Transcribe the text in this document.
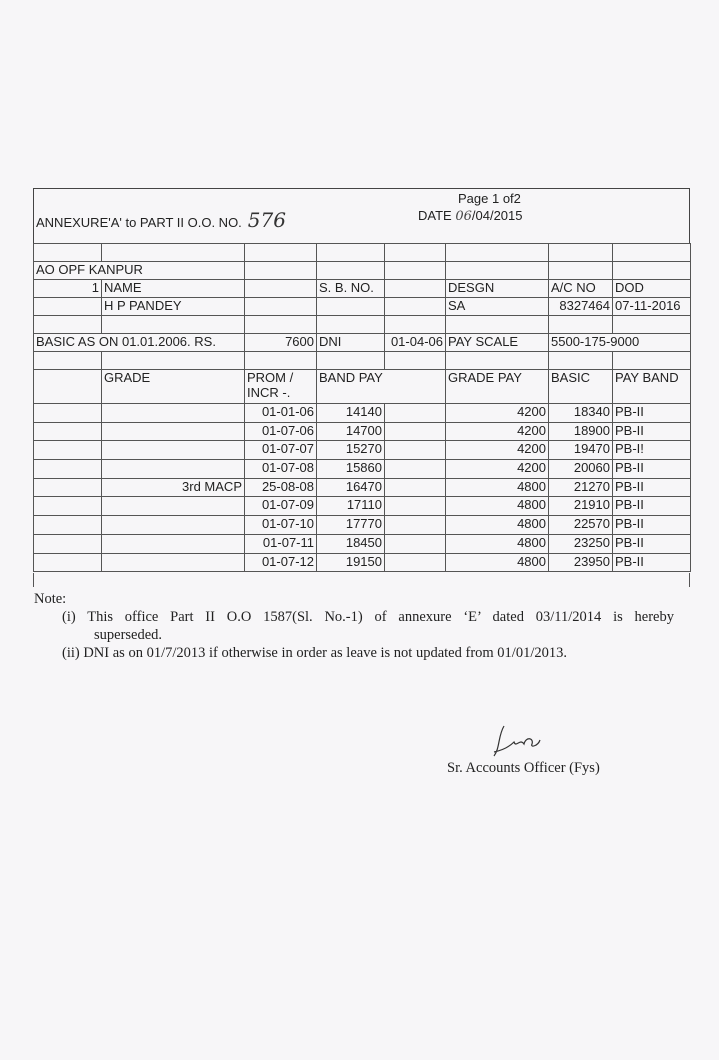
ANNEXURE'A' to PART II O.O. NO. 576
Page 1 of2
DATE 06/04/2015

AO OPF KANPUR							
1	NAME		S. B. NO.		DESGN	A/C NO	DOD
	H P PANDEY				SA	8327464	07-11-2016

BASIC AS ON 01.01.2006. RS.		7600	DNI	01-04-06	PAY SCALE	5500-175-9000	

	GRADE	PROM / INCR -.	BAND PAY		GRADE PAY	BASIC	PAY BAND
		01-01-06	14140		4200	18340	PB-II
		01-07-06	14700		4200	18900	PB-II
		01-07-07	15270		4200	19470	PB-I!
		01-07-08	15860		4200	20060	PB-II
	3rd MACP	25-08-08	16470		4800	21270	PB-II
		01-07-09	17110		4800	21910	PB-II
		01-07-10	17770		4800	22570	PB-II
		01-07-11	18450		4800	23250	PB-II
		01-07-12	19150		4800	23950	PB-II

Note:

(i) This office Part II O.O 1587(Sl. No.-1) of annexure ‘E’ dated 03/11/2014 is hereby

superseded.

(ii) DNI as on 01/7/2013 if otherwise in order as leave is not updated from 01/01/2013.

Sr. Accounts Officer (Fys)
